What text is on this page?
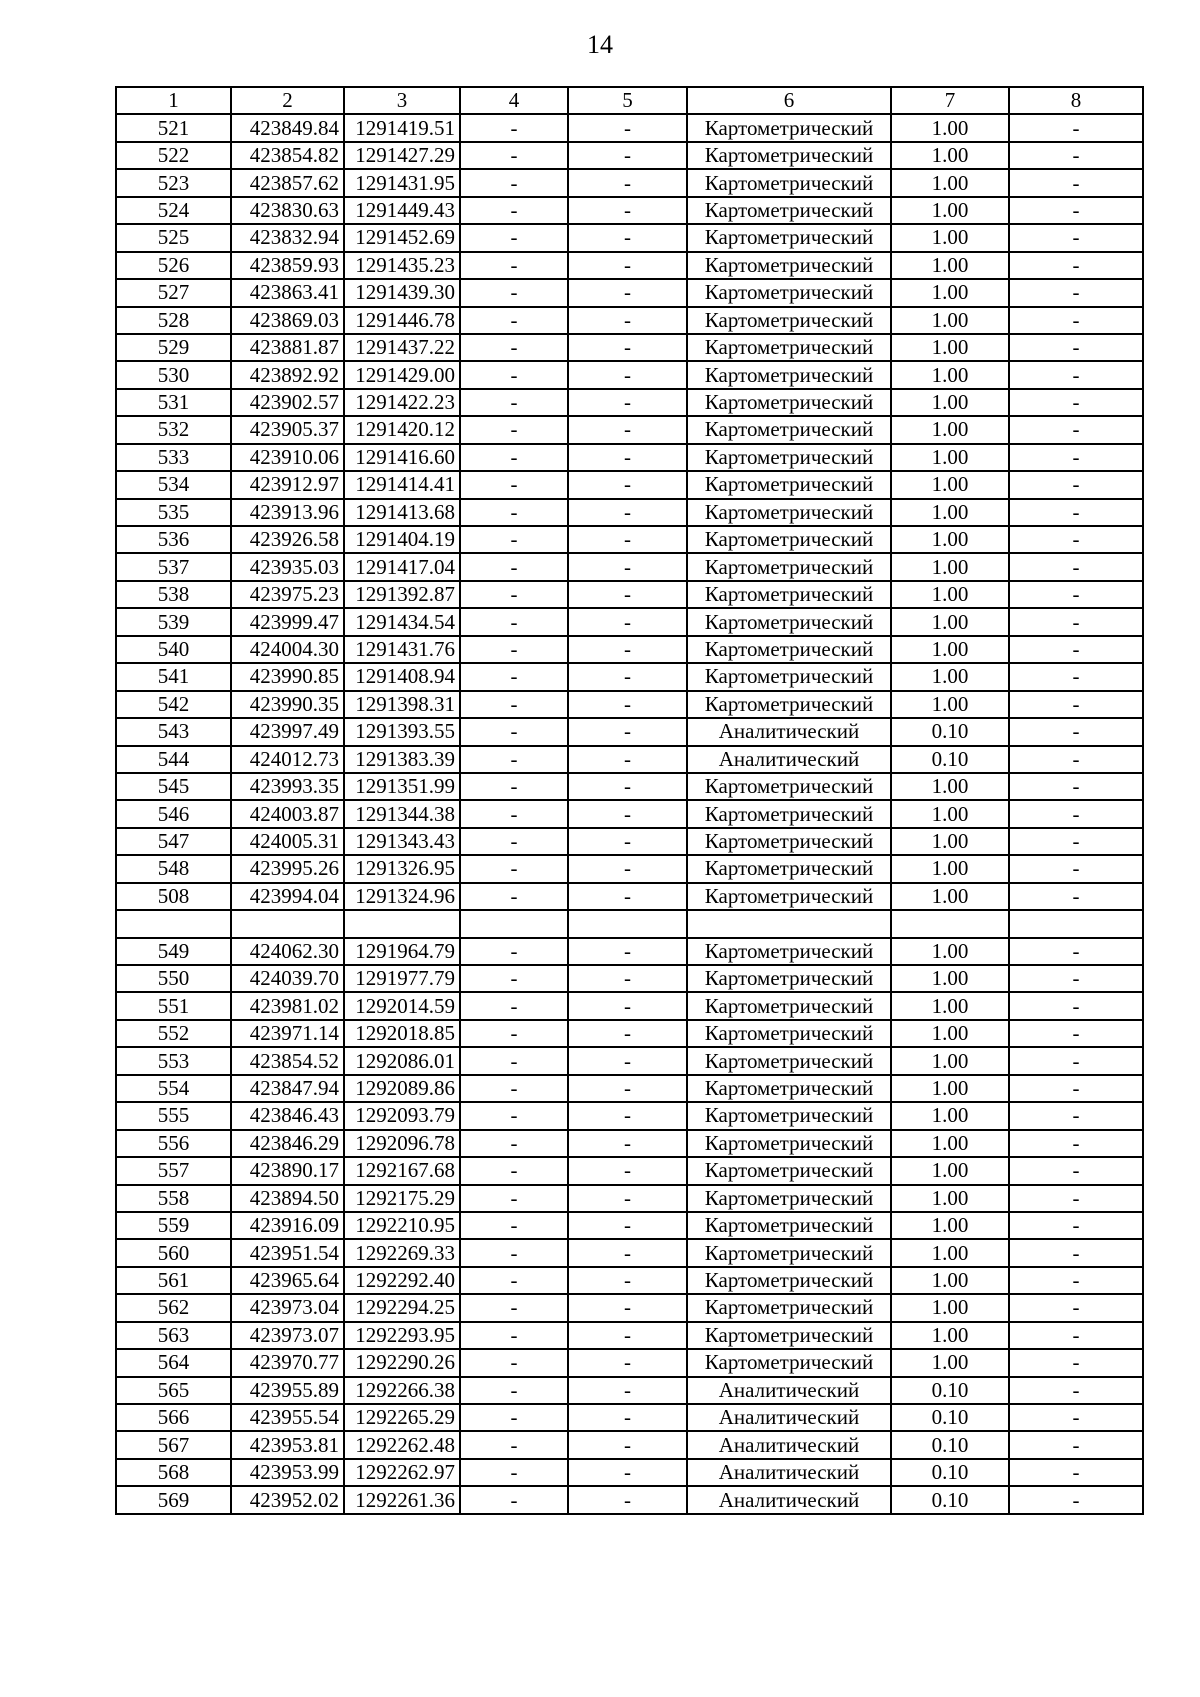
14
1	2	3	4	5	6	7	8
521	423849.84	1291419.51	-	-	Картометрический	1.00	-
522	423854.82	1291427.29	-	-	Картометрический	1.00	-
523	423857.62	1291431.95	-	-	Картометрический	1.00	-
524	423830.63	1291449.43	-	-	Картометрический	1.00	-
525	423832.94	1291452.69	-	-	Картометрический	1.00	-
526	423859.93	1291435.23	-	-	Картометрический	1.00	-
527	423863.41	1291439.30	-	-	Картометрический	1.00	-
528	423869.03	1291446.78	-	-	Картометрический	1.00	-
529	423881.87	1291437.22	-	-	Картометрический	1.00	-
530	423892.92	1291429.00	-	-	Картометрический	1.00	-
531	423902.57	1291422.23	-	-	Картометрический	1.00	-
532	423905.37	1291420.12	-	-	Картометрический	1.00	-
533	423910.06	1291416.60	-	-	Картометрический	1.00	-
534	423912.97	1291414.41	-	-	Картометрический	1.00	-
535	423913.96	1291413.68	-	-	Картометрический	1.00	-
536	423926.58	1291404.19	-	-	Картометрический	1.00	-
537	423935.03	1291417.04	-	-	Картометрический	1.00	-
538	423975.23	1291392.87	-	-	Картометрический	1.00	-
539	423999.47	1291434.54	-	-	Картометрический	1.00	-
540	424004.30	1291431.76	-	-	Картометрический	1.00	-
541	423990.85	1291408.94	-	-	Картометрический	1.00	-
542	423990.35	1291398.31	-	-	Картометрический	1.00	-
543	423997.49	1291393.55	-	-	Аналитический	0.10	-
544	424012.73	1291383.39	-	-	Аналитический	0.10	-
545	423993.35	1291351.99	-	-	Картометрический	1.00	-
546	424003.87	1291344.38	-	-	Картометрический	1.00	-
547	424005.31	1291343.43	-	-	Картометрический	1.00	-
548	423995.26	1291326.95	-	-	Картометрический	1.00	-
508	423994.04	1291324.96	-	-	Картометрический	1.00	-

549	424062.30	1291964.79	-	-	Картометрический	1.00	-
550	424039.70	1291977.79	-	-	Картометрический	1.00	-
551	423981.02	1292014.59	-	-	Картометрический	1.00	-
552	423971.14	1292018.85	-	-	Картометрический	1.00	-
553	423854.52	1292086.01	-	-	Картометрический	1.00	-
554	423847.94	1292089.86	-	-	Картометрический	1.00	-
555	423846.43	1292093.79	-	-	Картометрический	1.00	-
556	423846.29	1292096.78	-	-	Картометрический	1.00	-
557	423890.17	1292167.68	-	-	Картометрический	1.00	-
558	423894.50	1292175.29	-	-	Картометрический	1.00	-
559	423916.09	1292210.95	-	-	Картометрический	1.00	-
560	423951.54	1292269.33	-	-	Картометрический	1.00	-
561	423965.64	1292292.40	-	-	Картометрический	1.00	-
562	423973.04	1292294.25	-	-	Картометрический	1.00	-
563	423973.07	1292293.95	-	-	Картометрический	1.00	-
564	423970.77	1292290.26	-	-	Картометрический	1.00	-
565	423955.89	1292266.38	-	-	Аналитический	0.10	-
566	423955.54	1292265.29	-	-	Аналитический	0.10	-
567	423953.81	1292262.48	-	-	Аналитический	0.10	-
568	423953.99	1292262.97	-	-	Аналитический	0.10	-
569	423952.02	1292261.36	-	-	Аналитический	0.10	-
